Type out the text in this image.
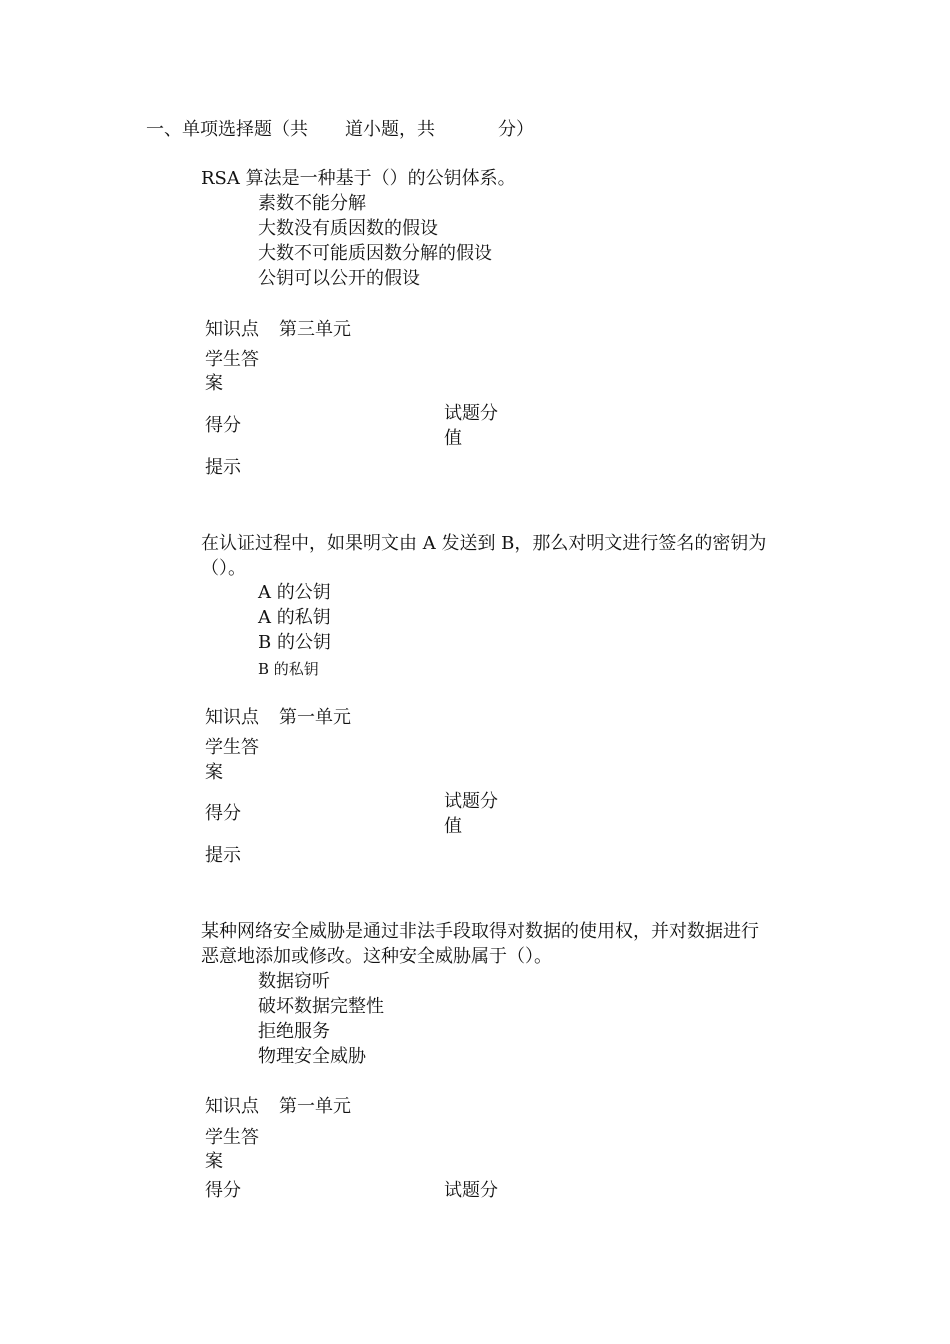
一、单项选择题（共 道小题，共	分）
RSA 算法是一种基于（）的公钥体系。
素数不能分解
大数没有质因数的假设
大数不可能质因数分解的假设
公钥可以公开的假设
知识点 第三单元
学生答
案
得分
试题分
值
提示
在认证过程中，如果明文由 A 发送到 B，那么对明文进行签名的密钥为
（）。
A 的公钥
A 的私钥
B 的公钥
B 的私钥
知识点 第一单元
学生答
案
得分
试题分
值
提示
某种网络安全威胁是通过非法手段取得对数据的使用权，并对数据进行
恶意地添加或修改。这种安全威胁属于（）。
数据窃听
破坏数据完整性
拒绝服务
物理安全威胁
知识点 第一单元
学生答
案
得分	试题分
